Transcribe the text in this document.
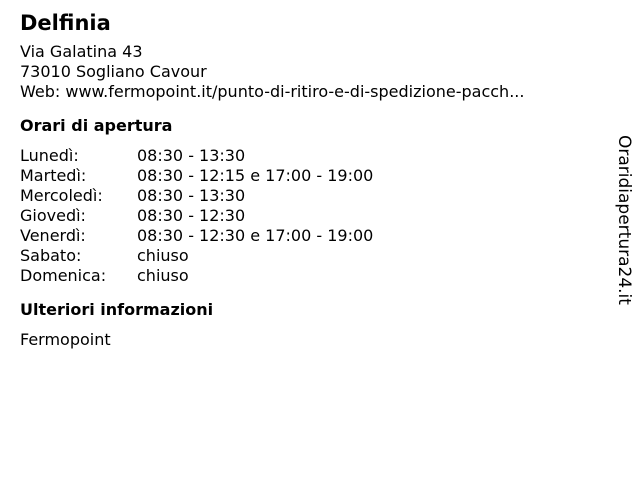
Delfinia
Via Galatina 43
73010 Sogliano Cavour
Web: www.fermopoint.it/punto-di-ritiro-e-di-spedizione-pacch...
Orari di apertura
Lunedì:	08:30 - 13:30
Martedì:	08:30 - 12:15 e 17:00 - 19:00
Mercoledì:	08:30 - 13:30
Giovedì:	08:30 - 12:30
Venerdì:	08:30 - 12:30 e 17:00 - 19:00
Sabato:	chiuso
Domenica:	chiuso
Ulteriori informazioni
Fermopoint
Oraridiapertura24.it
